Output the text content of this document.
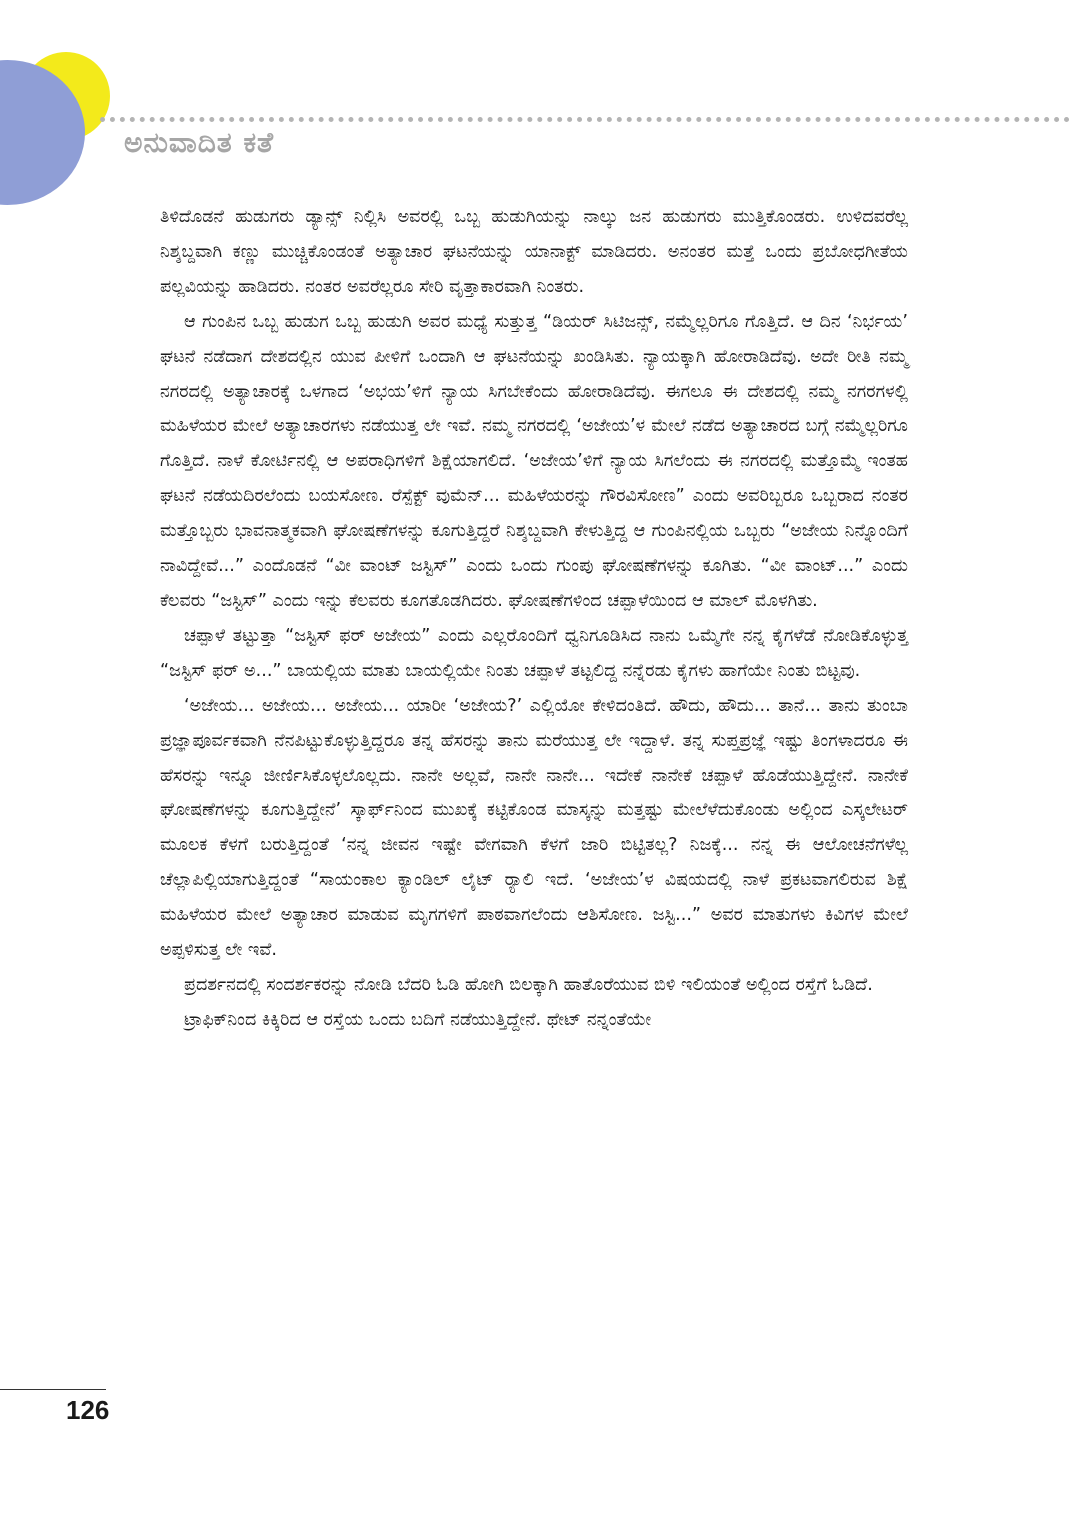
ಅನುವಾದಿತ ಕತೆ

ತಿಳಿದೊಡನೆ ಹುಡುಗರು ಡ್ಯಾನ್ಸ್ ನಿಲ್ಲಿಸಿ ಅವರಲ್ಲಿ ಒಬ್ಬ ಹುಡುಗಿಯನ್ನು ನಾಲ್ಕು ಜನ ಹುಡುಗರು ಮುತ್ತಿಕೊಂಡರು. ಉಳಿದವರೆಲ್ಲ ನಿಶ್ಶಬ್ದವಾಗಿ ಕಣ್ಣು ಮುಚ್ಚಿಕೊಂಡಂತೆ ಅತ್ಯಾಚಾರ ಘಟನೆಯನ್ನು ಯಾನಾಕ್ಟ್ ಮಾಡಿದರು. ಅನಂತರ ಮತ್ತೆ ಒಂದು ಪ್ರಬೋಧಗೀತೆಯ ಪಲ್ಲವಿಯನ್ನು ಹಾಡಿದರು. ನಂತರ ಅವರೆಲ್ಲರೂ ಸೇರಿ ವೃತ್ತಾಕಾರವಾಗಿ ನಿಂತರು.

ಆ ಗುಂಪಿನ ಒಬ್ಬ ಹುಡುಗ ಒಬ್ಬ ಹುಡುಗಿ ಅವರ ಮಧ್ಯೆ ಸುತ್ತುತ್ತ “ಡಿಯರ್ ಸಿಟಿಜನ್ಸ್, ನಮ್ಮೆಲ್ಲರಿಗೂ ಗೊತ್ತಿದೆ. ಆ ದಿನ ‘ನಿರ್ಭಯ’ ಘಟನೆ ನಡೆದಾಗ ದೇಶದಲ್ಲಿನ ಯುವ ಪೀಳಿಗೆ ಒಂದಾಗಿ ಆ ಘಟನೆಯನ್ನು ಖಂಡಿಸಿತು. ನ್ಯಾಯಕ್ಕಾಗಿ ಹೋರಾಡಿದೆವು. ಅದೇ ರೀತಿ ನಮ್ಮ ನಗರದಲ್ಲಿ ಅತ್ಯಾಚಾರಕ್ಕೆ ಒಳಗಾದ ‘ಅಭಯ’ಳಿಗೆ ನ್ಯಾಯ ಸಿಗಬೇಕೆಂದು ಹೋರಾಡಿದೆವು. ಈಗಲೂ ಈ ದೇಶದಲ್ಲಿ ನಮ್ಮ ನಗರಗಳಲ್ಲಿ ಮಹಿಳೆಯರ ಮೇಲೆ ಅತ್ಯಾಚಾರಗಳು ನಡೆಯುತ್ತ ಲೇ ಇವೆ. ನಮ್ಮ ನಗರದಲ್ಲಿ ‘ಅಜೇಯ’ಳ ಮೇಲೆ ನಡೆದ ಅತ್ಯಾಚಾರದ ಬಗ್ಗೆ ನಮ್ಮೆಲ್ಲರಿಗೂ ಗೊತ್ತಿದೆ. ನಾಳೆ ಕೋರ್ಟಿನಲ್ಲಿ ಆ ಅಪರಾಧಿಗಳಿಗೆ ಶಿಕ್ಷೆಯಾಗಲಿದೆ. ‘ಅಜೇಯ’ಳಿಗೆ ನ್ಯಾಯ ಸಿಗಲೆಂದು ಈ ನಗರದಲ್ಲಿ ಮತ್ತೊಮ್ಮೆ ಇಂತಹ ಘಟನೆ ನಡೆಯದಿರಲೆಂದು ಬಯಸೋಣ. ರೆಸ್ಪೆಕ್ಟ್ ವುಮೆನ್... ಮಹಿಳೆಯರನ್ನು ಗೌರವಿಸೋಣ” ಎಂದು ಅವರಿಬ್ಬರೂ ಒಬ್ಬರಾದ ನಂತರ ಮತ್ತೊಬ್ಬರು ಭಾವನಾತ್ಮಕವಾಗಿ ಘೋಷಣೆಗಳನ್ನು ಕೂಗುತ್ತಿದ್ದರೆ ನಿಶ್ಶಬ್ದವಾಗಿ ಕೇಳುತ್ತಿದ್ದ ಆ ಗುಂಪಿನಲ್ಲಿಯ ಒಬ್ಬರು “ಅಜೇಯ ನಿನ್ನೊಂದಿಗೆ ನಾವಿದ್ದೇವೆ...” ಎಂದೊಡನೆ “ವೀ ವಾಂಟ್ ಜಸ್ಟಿಸ್” ಎಂದು ಒಂದು ಗುಂಪು ಘೋಷಣೆಗಳನ್ನು ಕೂಗಿತು. “ವೀ ವಾಂಟ್...” ಎಂದು ಕೆಲವರು “ಜಸ್ಟಿಸ್” ಎಂದು ಇನ್ನು ಕೆಲವರು ಕೂಗತೊಡಗಿದರು. ಘೋಷಣೆಗಳಿಂದ ಚಪ್ಪಾಳೆಯಿಂದ ಆ ಮಾಲ್ ಮೊಳಗಿತು.

ಚಪ್ಪಾಳೆ ತಟ್ಟುತ್ತಾ “ಜಸ್ಟಿಸ್ ಫರ್ ಅಜೇಯ” ಎಂದು ಎಲ್ಲರೊಂದಿಗೆ ಧ್ವನಿಗೂಡಿಸಿದ ನಾನು ಒಮ್ಮೆಗೇ ನನ್ನ ಕೈಗಳೆಡೆ ನೋಡಿಕೊಳ್ಳುತ್ತ “ಜಸ್ಟಿಸ್ ಫರ್ ಅ...” ಬಾಯಲ್ಲಿಯ ಮಾತು ಬಾಯಲ್ಲಿಯೇ ನಿಂತು ಚಪ್ಪಾಳೆ ತಟ್ಟಲಿದ್ದ ನನ್ನೆರಡು ಕೈಗಳು ಹಾಗೆಯೇ ನಿಂತು ಬಿಟ್ಟವು.

‘ಅಜೇಯ... ಅಜೇಯ... ಅಜೇಯ... ಯಾರೀ ‘ಅಜೇಯ?’ ಎಲ್ಲಿಯೋ ಕೇಳಿದಂತಿದೆ. ಹೌದು, ಹೌದು... ತಾನೆ... ತಾನು ತುಂಬಾ ಪ್ರಜ್ಞಾಪೂರ್ವಕವಾಗಿ ನೆನಪಿಟ್ಟುಕೊಳ್ಳುತ್ತಿದ್ದರೂ ತನ್ನ ಹೆಸರನ್ನು ತಾನು ಮರೆಯುತ್ತ ಲೇ ಇದ್ದಾಳೆ. ತನ್ನ ಸುಪ್ತಪ್ರಜ್ಞೆ ಇಷ್ಟು ತಿಂಗಳಾದರೂ ಈ ಹೆಸರನ್ನು ಇನ್ನೂ ಜೀರ್ಣಿಸಿಕೊಳ್ಳಲೊಲ್ಲದು. ನಾನೇ ಅಲ್ಲವೆ, ನಾನೇ ನಾನೇ... ಇದೇಕೆ ನಾನೇಕೆ ಚಪ್ಪಾಳೆ ಹೊಡೆಯುತ್ತಿದ್ದೇನೆ. ನಾನೇಕೆ ಘೋಷಣೆಗಳನ್ನು ಕೂಗುತ್ತಿದ್ದೇನೆ’ ಸ್ಕಾರ್ಫ್‌ನಿಂದ ಮುಖಕ್ಕೆ ಕಟ್ಟಿಕೊಂಡ ಮಾಸ್ಕನ್ನು ಮತ್ತಷ್ಟು ಮೇಲೆಳೆದುಕೊಂಡು ಅಲ್ಲಿಂದ ಎಸ್ಕಲೇಟರ್ ಮೂಲಕ ಕೆಳಗೆ ಬರುತ್ತಿದ್ದಂತೆ ‘ನನ್ನ ಜೀವನ ಇಷ್ಟೇ ವೇಗವಾಗಿ ಕೆಳಗೆ ಜಾರಿ ಬಿಟ್ಟಿತಲ್ಲ? ನಿಜಕ್ಕೆ... ನನ್ನ ಈ ಆಲೋಚನೆಗಳೆಲ್ಲ ಚೆಲ್ಲಾಪಿಲ್ಲಿಯಾಗುತ್ತಿದ್ದಂತೆ “ಸಾಯಂಕಾಲ ಕ್ಯಾಂಡಿಲ್ ಲೈಟ್ ರ್‍ಯಾಲಿ ಇದೆ. ‘ಅಜೇಯ’ಳ ವಿಷಯದಲ್ಲಿ ನಾಳೆ ಪ್ರಕಟವಾಗಲಿರುವ ಶಿಕ್ಷೆ ಮಹಿಳೆಯರ ಮೇಲೆ ಅತ್ಯಾಚಾರ ಮಾಡುವ ಮೃಗಗಳಿಗೆ ಪಾಠವಾಗಲೆಂದು ಆಶಿಸೋಣ. ಜಸ್ಟಿ...” ಅವರ ಮಾತುಗಳು ಕಿವಿಗಳ ಮೇಲೆ ಅಪ್ಪಳಿಸುತ್ತ ಲೇ ಇವೆ.

ಪ್ರದರ್ಶನದಲ್ಲಿ ಸಂದರ್ಶಕರನ್ನು ನೋಡಿ ಬೆದರಿ ಓಡಿ ಹೋಗಿ ಬಿಲಕ್ಕಾಗಿ ಹಾತೊರೆಯುವ ಬಿಳಿ ಇಲಿಯಂತೆ ಅಲ್ಲಿಂದ ರಸ್ತೆಗೆ ಓಡಿದೆ.

ಟ್ರಾಫಿಕ್‌ನಿಂದ ಕಿಕ್ಕಿರಿದ ಆ ರಸ್ತೆಯ ಒಂದು ಬದಿಗೆ ನಡೆಯುತ್ತಿದ್ದೇನೆ. ಥೇಟ್ ನನ್ನಂತೆಯೇ

126
